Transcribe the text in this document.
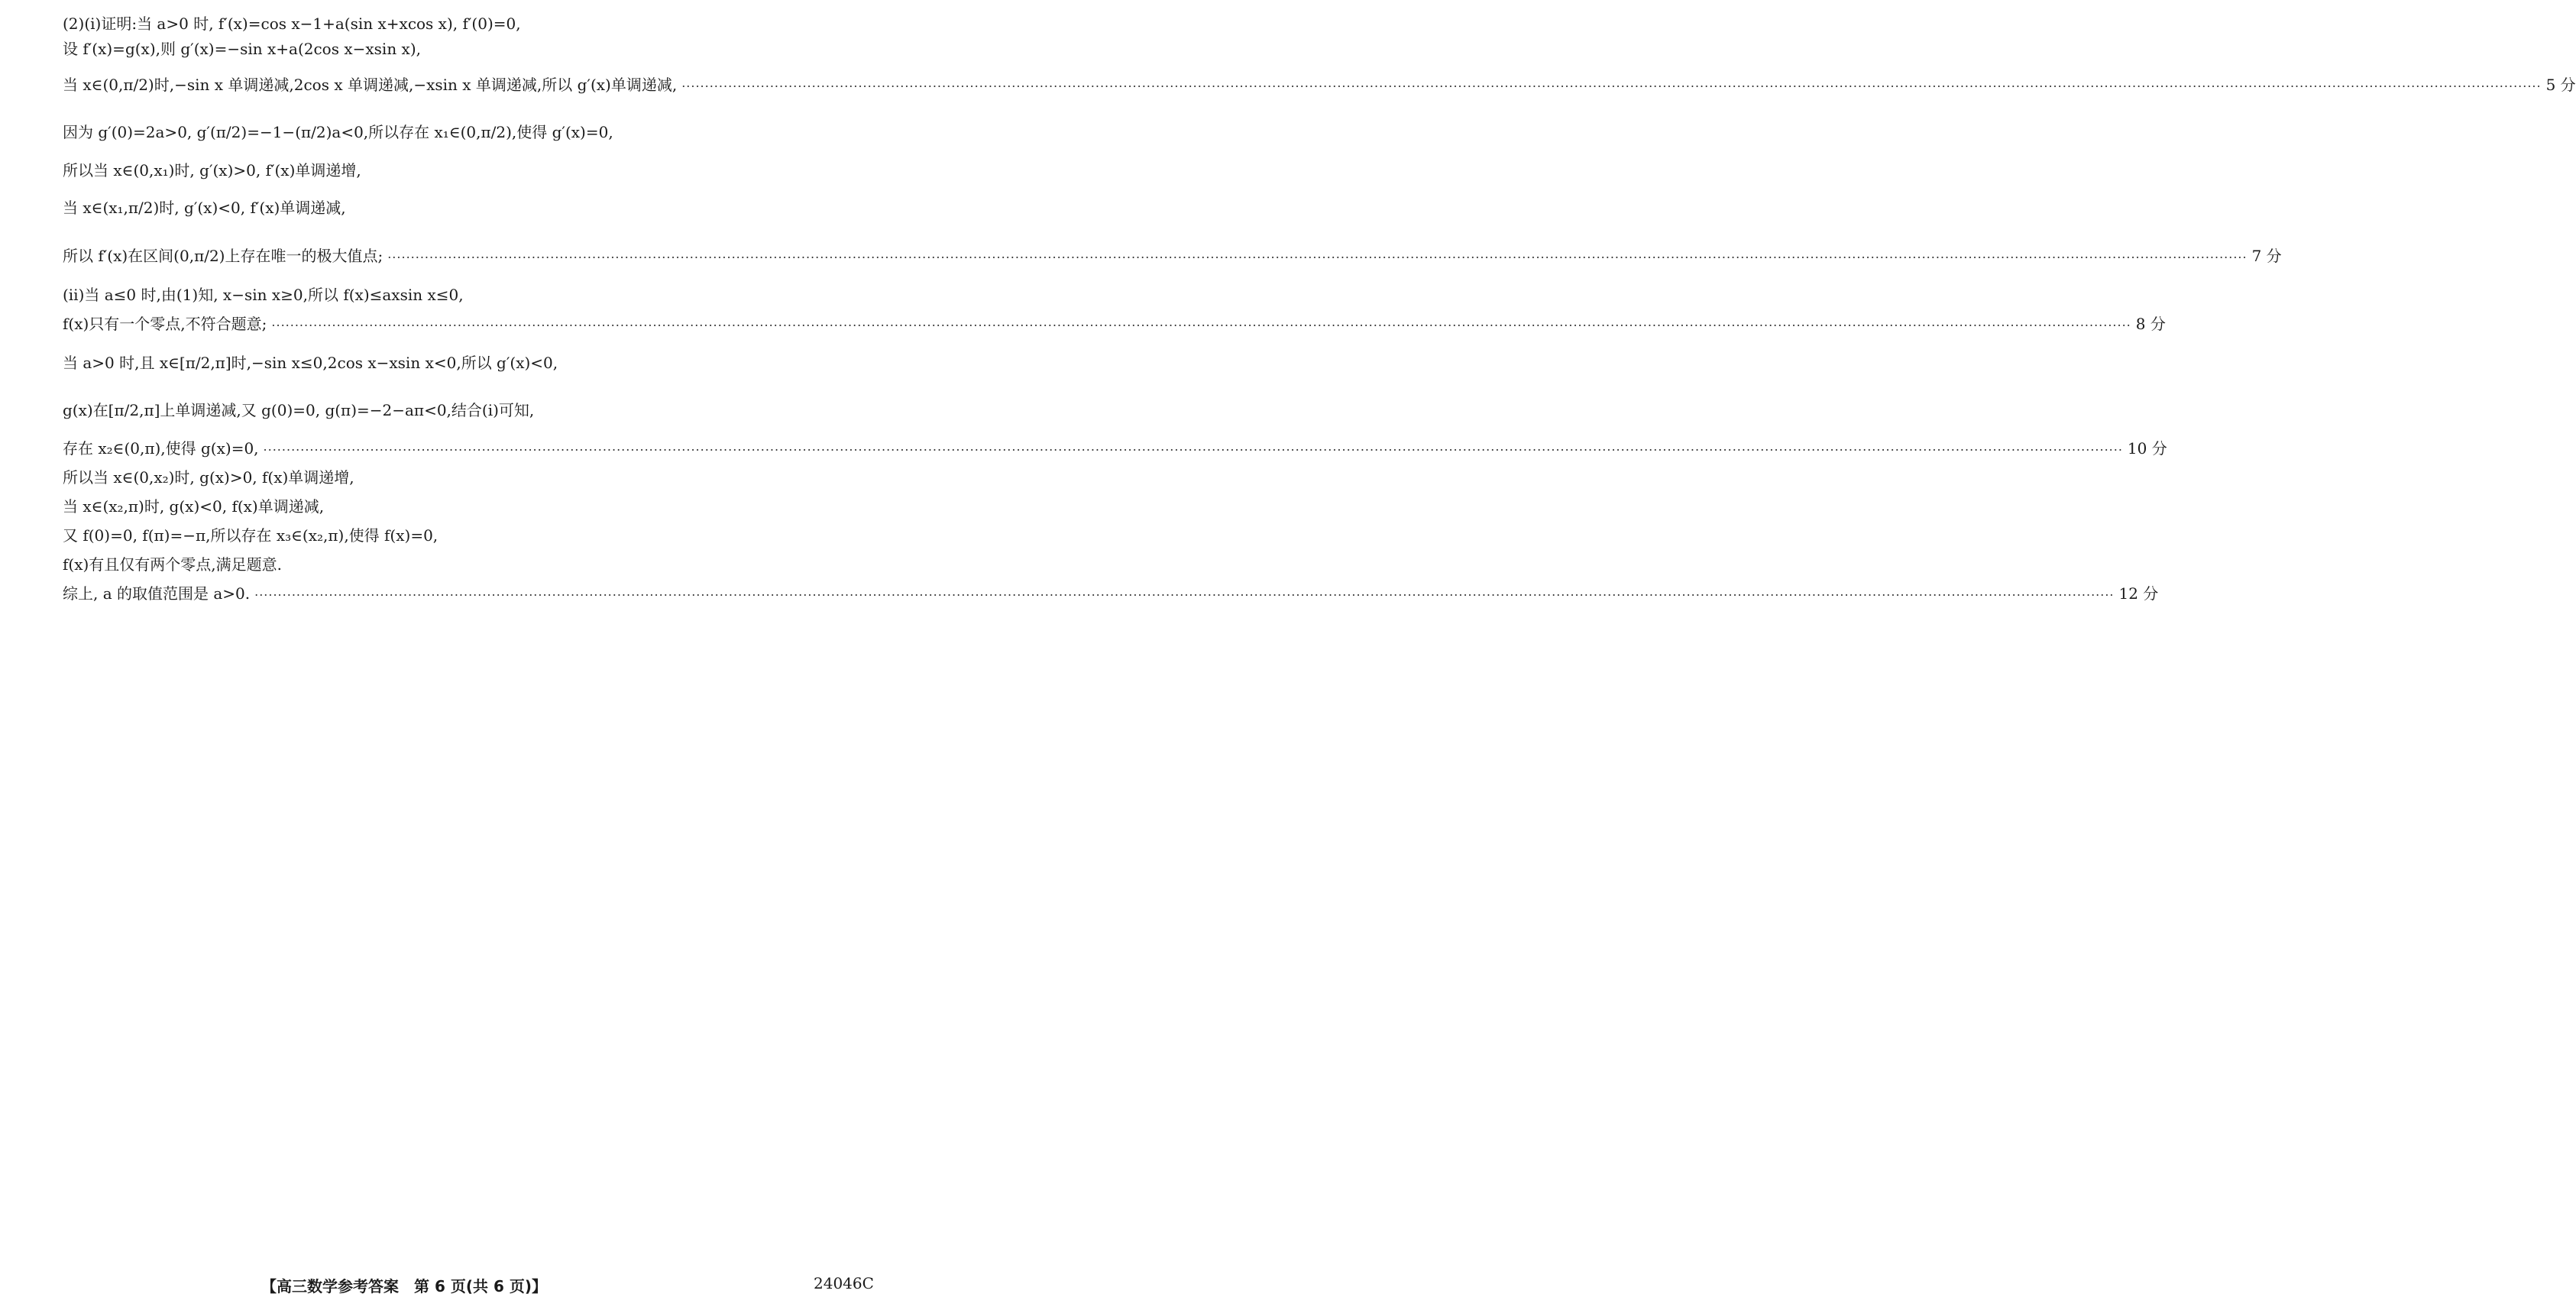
(2)(ⅰ)证明:当 a>0 时, f′(x)=cos x−1+a(sin x+xcos x), f′(0)=0,
设 f′(x)=g(x),则 g′(x)=−sin x+a(2cos x−xsin x),
当 x∈(0,π/2)时,−sin x 单调递减,2cos x 单调递减,−xsin x 单调递减,所以 g′(x)单调递减, ................................................................................................................................................................................................................................................................................................................................................................................................................ 5 分
因为 g′(0)=2a>0, g′(π/2)=−1−(π/2)a<0,所以存在 x₁∈(0,π/2),使得 g′(x)=0,
所以当 x∈(0,x₁)时, g′(x)>0, f′(x)单调递增,
当 x∈(x₁,π/2)时, g′(x)<0, f′(x)单调递减,
所以 f′(x)在区间(0,π/2)上存在唯一的极大值点; ................................................................................................................................................................................................................................................................................................................................................................................................................ 7 分
(ⅱ)当 a≤0 时,由(1)知, x−sin x≥0,所以 f(x)≤axsin x≤0,
f(x)只有一个零点,不符合题意; ................................................................................................................................................................................................................................................................................................................................................................................................................ 8 分
当 a>0 时,且 x∈[π/2,π]时,−sin x≤0,2cos x−xsin x<0,所以 g′(x)<0,
g(x)在[π/2,π]上单调递减,又 g(0)=0, g(π)=−2−aπ<0,结合(ⅰ)可知,
存在 x₂∈(0,π),使得 g(x)=0, ................................................................................................................................................................................................................................................................................................................................................................................................................ 10 分
所以当 x∈(0,x₂)时, g(x)>0, f(x)单调递增,
当 x∈(x₂,π)时, g(x)<0, f(x)单调递减,
又 f(0)=0, f(π)=−π,所以存在 x₃∈(x₂,π),使得 f(x)=0,
f(x)有且仅有两个零点,满足题意.
综上, a 的取值范围是 a>0. ................................................................................................................................................................................................................................................................................................................................................................................................................ 12 分
【高三数学参考答案　第 6 页(共 6 页)】	24046C
